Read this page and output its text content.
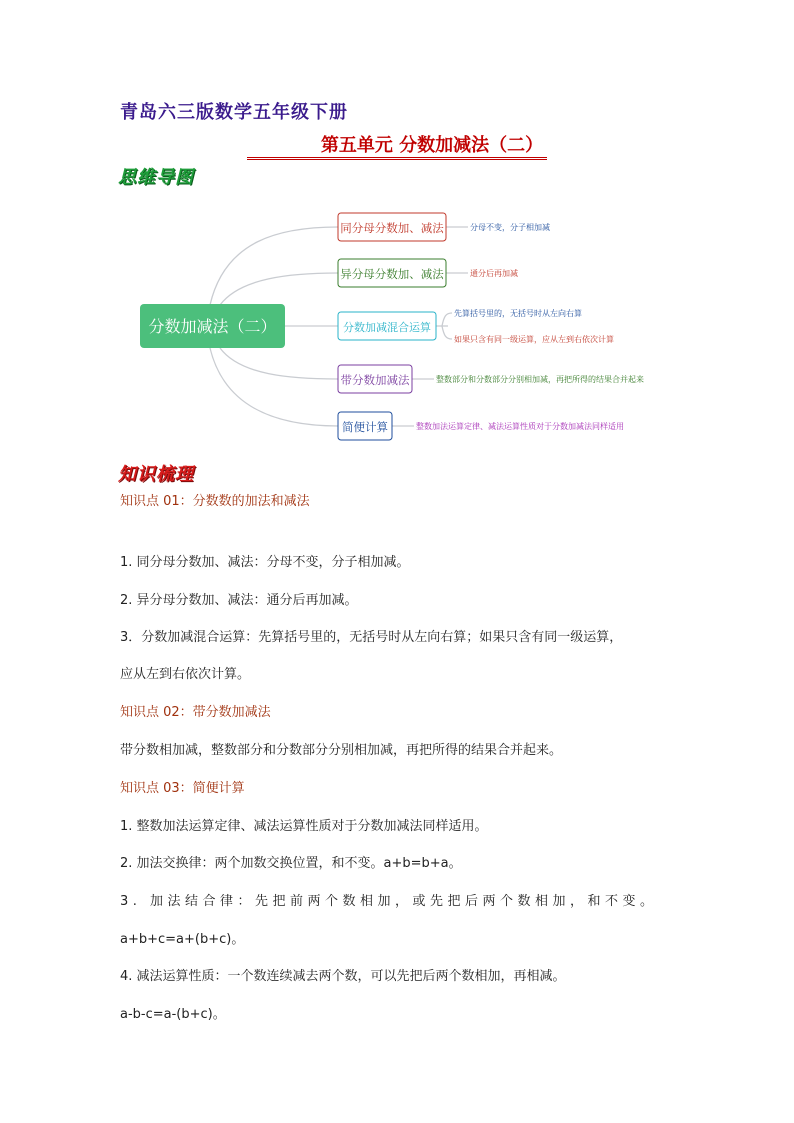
青岛六三版数学五年级下册
第五单元 分数加减法（二）
思维导图
分数加减法（二）
同分母分数加、减法
异分母分数加、减法
分数加减混合运算
带分数加减法
简便计算
分母不变，分子相加减
通分后再加减
先算括号里的，无括号时从左向右算
如果只含有同一级运算，应从左到右依次计算
整数部分和分数部分分别相加减，再把所得的结果合并起来
整数加法运算定律、减法运算性质对于分数加减法同样适用
知识梳理
知识点 01：分数数的加法和减法
1. 同分母分数加、减法：分母不变，分子相加减。
2. 异分母分数加、减法：通分后再加减。
3．分数加减混合运算：先算括号里的，无括号时从左向右算；如果只含有同一级运算，
应从左到右依次计算。
知识点 02：带分数加减法
带分数相加减，整数部分和分数部分分别相加减，再把所得的结果合并起来。
知识点 03：简便计算
1. 整数加法运算定律、减法运算性质对于分数加减法同样适用。
2. 加法交换律：两个加数交换位置，和不变。a+b=b+a。
3. 加法结合律：先把前两个数相加，或先把后两个数相加，和不变。
a+b+c=a+(b+c)。
4. 减法运算性质：一个数连续减去两个数，可以先把后两个数相加，再相减。
a-b-c=a-(b+c)。
